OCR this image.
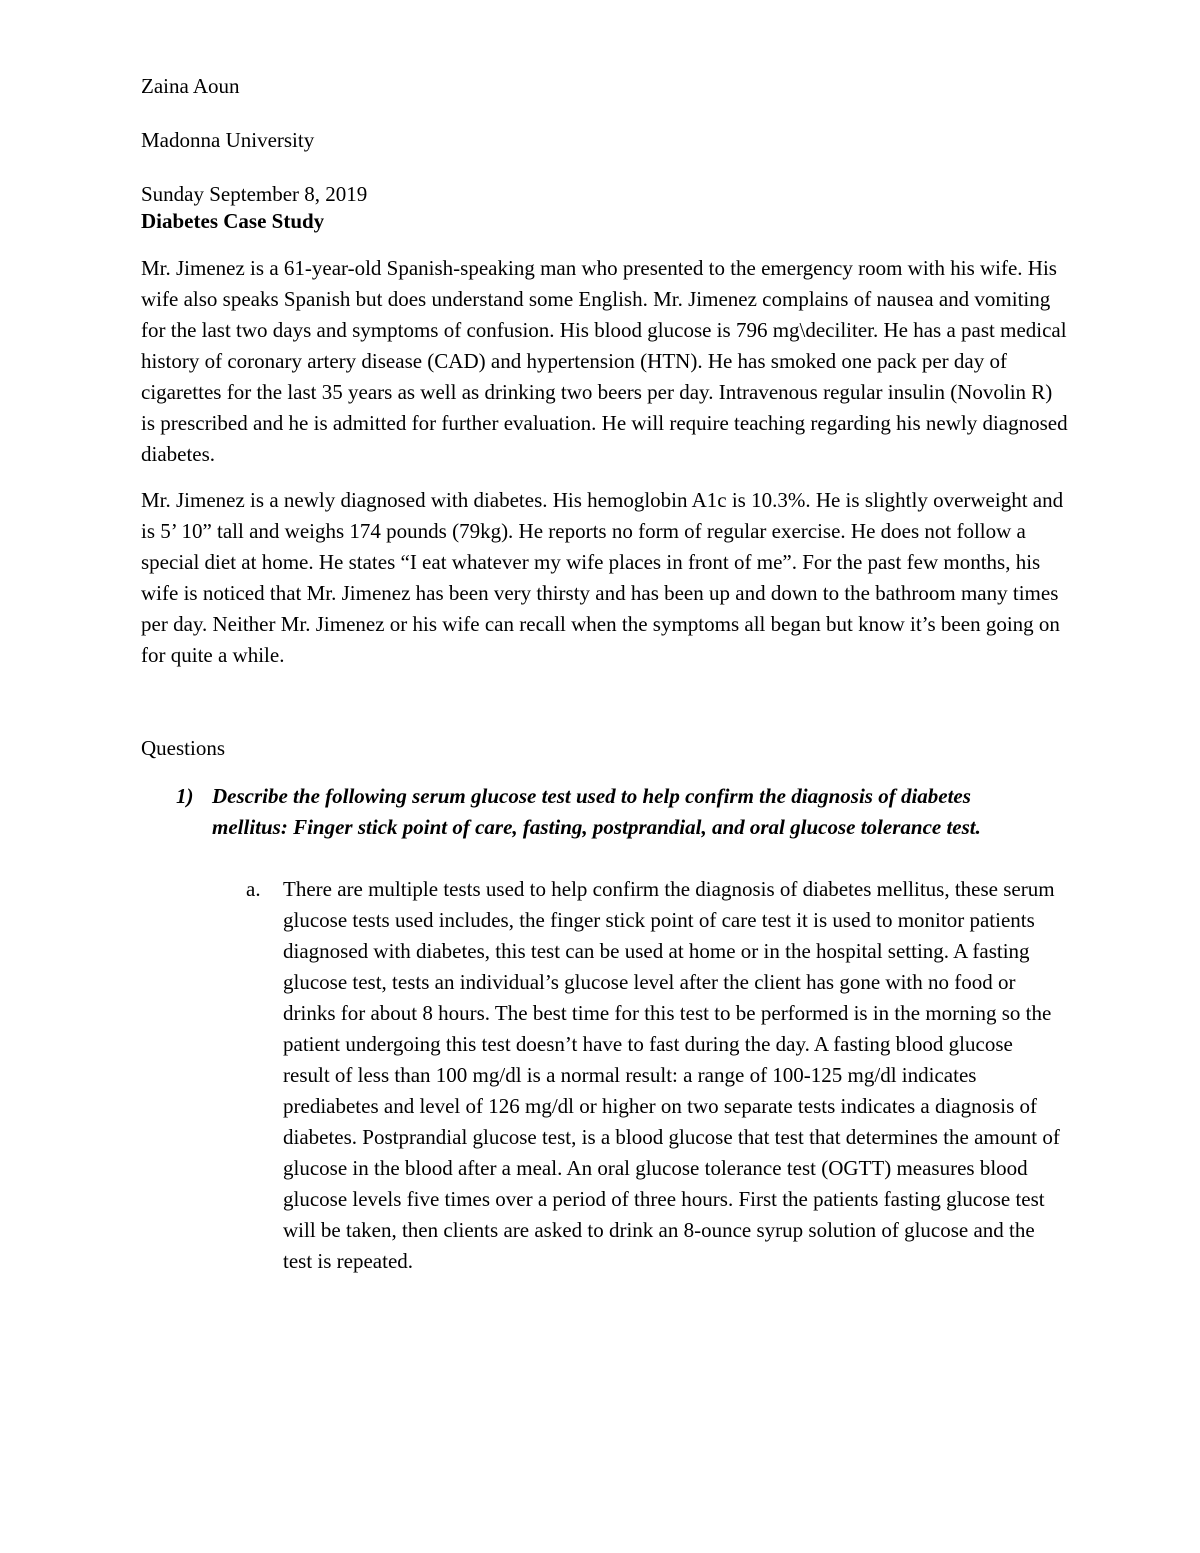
Zaina Aoun
Madonna University
Sunday September 8, 2019
Diabetes Case Study
Mr. Jimenez is a 61-year-old Spanish-speaking man who presented to the emergency room with his wife. His wife also speaks Spanish but does understand some English. Mr. Jimenez complains of nausea and vomiting for the last two days and symptoms of confusion. His blood glucose is 796 mg\deciliter. He has a past medical history of coronary artery disease (CAD) and hypertension (HTN). He has smoked one pack per day of cigarettes for the last 35 years as well as drinking two beers per day. Intravenous regular insulin (Novolin R) is prescribed and he is admitted for further evaluation. He will require teaching regarding his newly diagnosed diabetes.
Mr. Jimenez is a newly diagnosed with diabetes. His hemoglobin A1c is 10.3%. He is slightly overweight and is 5’ 10” tall and weighs 174 pounds (79kg). He reports no form of regular exercise. He does not follow a special diet at home. He states “I eat whatever my wife places in front of me”. For the past few months, his wife is noticed that Mr. Jimenez has been very thirsty and has been up and down to the bathroom many times per day. Neither Mr. Jimenez or his wife can recall when the symptoms all began but know it’s been going on for quite a while.
Questions
1) Describe the following serum glucose test used to help confirm the diagnosis of diabetes mellitus: Finger stick point of care, fasting, postprandial, and oral glucose tolerance test.
a. There are multiple tests used to help confirm the diagnosis of diabetes mellitus, these serum glucose tests used includes, the finger stick point of care test it is used to monitor patients diagnosed with diabetes, this test can be used at home or in the hospital setting. A fasting glucose test, tests an individual’s glucose level after the client has gone with no food or drinks for about 8 hours. The best time for this test to be performed is in the morning so the patient undergoing this test doesn’t have to fast during the day. A fasting blood glucose result of less than 100 mg/dl is a normal result: a range of 100-125 mg/dl indicates prediabetes and level of 126 mg/dl or higher on two separate tests indicates a diagnosis of diabetes. Postprandial glucose test, is a blood glucose that test that determines the amount of glucose in the blood after a meal. An oral glucose tolerance test (OGTT) measures blood glucose levels five times over a period of three hours. First the patients fasting glucose test will be taken, then clients are asked to drink an 8-ounce syrup solution of glucose and the test is repeated.
